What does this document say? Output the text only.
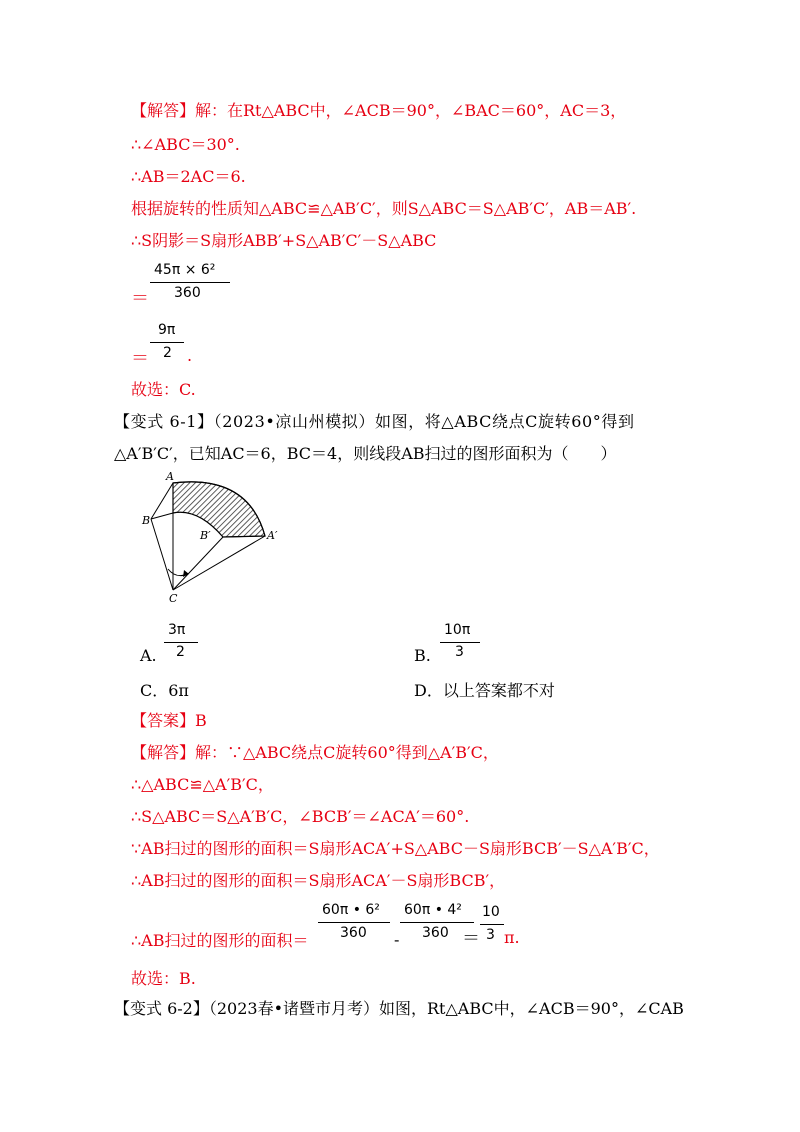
【解答】解：在Rt△ABC中，∠ACB＝90°，∠BAC＝60°，AC＝3，
∴∠ABC＝30°.
∴AB＝2AC＝6.
根据旋转的性质知△ABC≌△AB′C′，则S△ABC＝S△AB′C′，AB＝AB′.
∴S阴影＝S扇形ABB′+S△AB′C′－S△ABC
45π × 6²
360
＝
9π
2
＝ .
故选：C.
【变式 6-1】（2023•凉山州模拟）如图，将△ABC绕点C旋转60°得到
△A′B′C′，已知AC＝6，BC＝4，则线段AB扫过的图形面积为（　　）
A
B
B′	A′
C
A.
3π
2	B.
10π
3
C．6π	D．以上答案都不对
【答案】B
【解答】解：∵△ABC绕点C旋转60°得到△A′B′C，
∴△ABC≌△A′B′C，
∴S△ABC＝S△A′B′C，∠BCB′＝∠ACA′＝60°.
∵AB扫过的图形的面积＝S扇形ACA′+S△ABC－S扇形BCB′－S△A′B′C，
∴AB扫过的图形的面积＝S扇形ACA′－S扇形BCB′，
∴AB扫过的图形的面积＝
60π • 6²
360 -
60π • 4²
360 ＝
10
3 π.
故选：B.
【变式 6-2】（2023春•诸暨市月考）如图，Rt△ABC中，∠ACB＝90°，∠CAB
